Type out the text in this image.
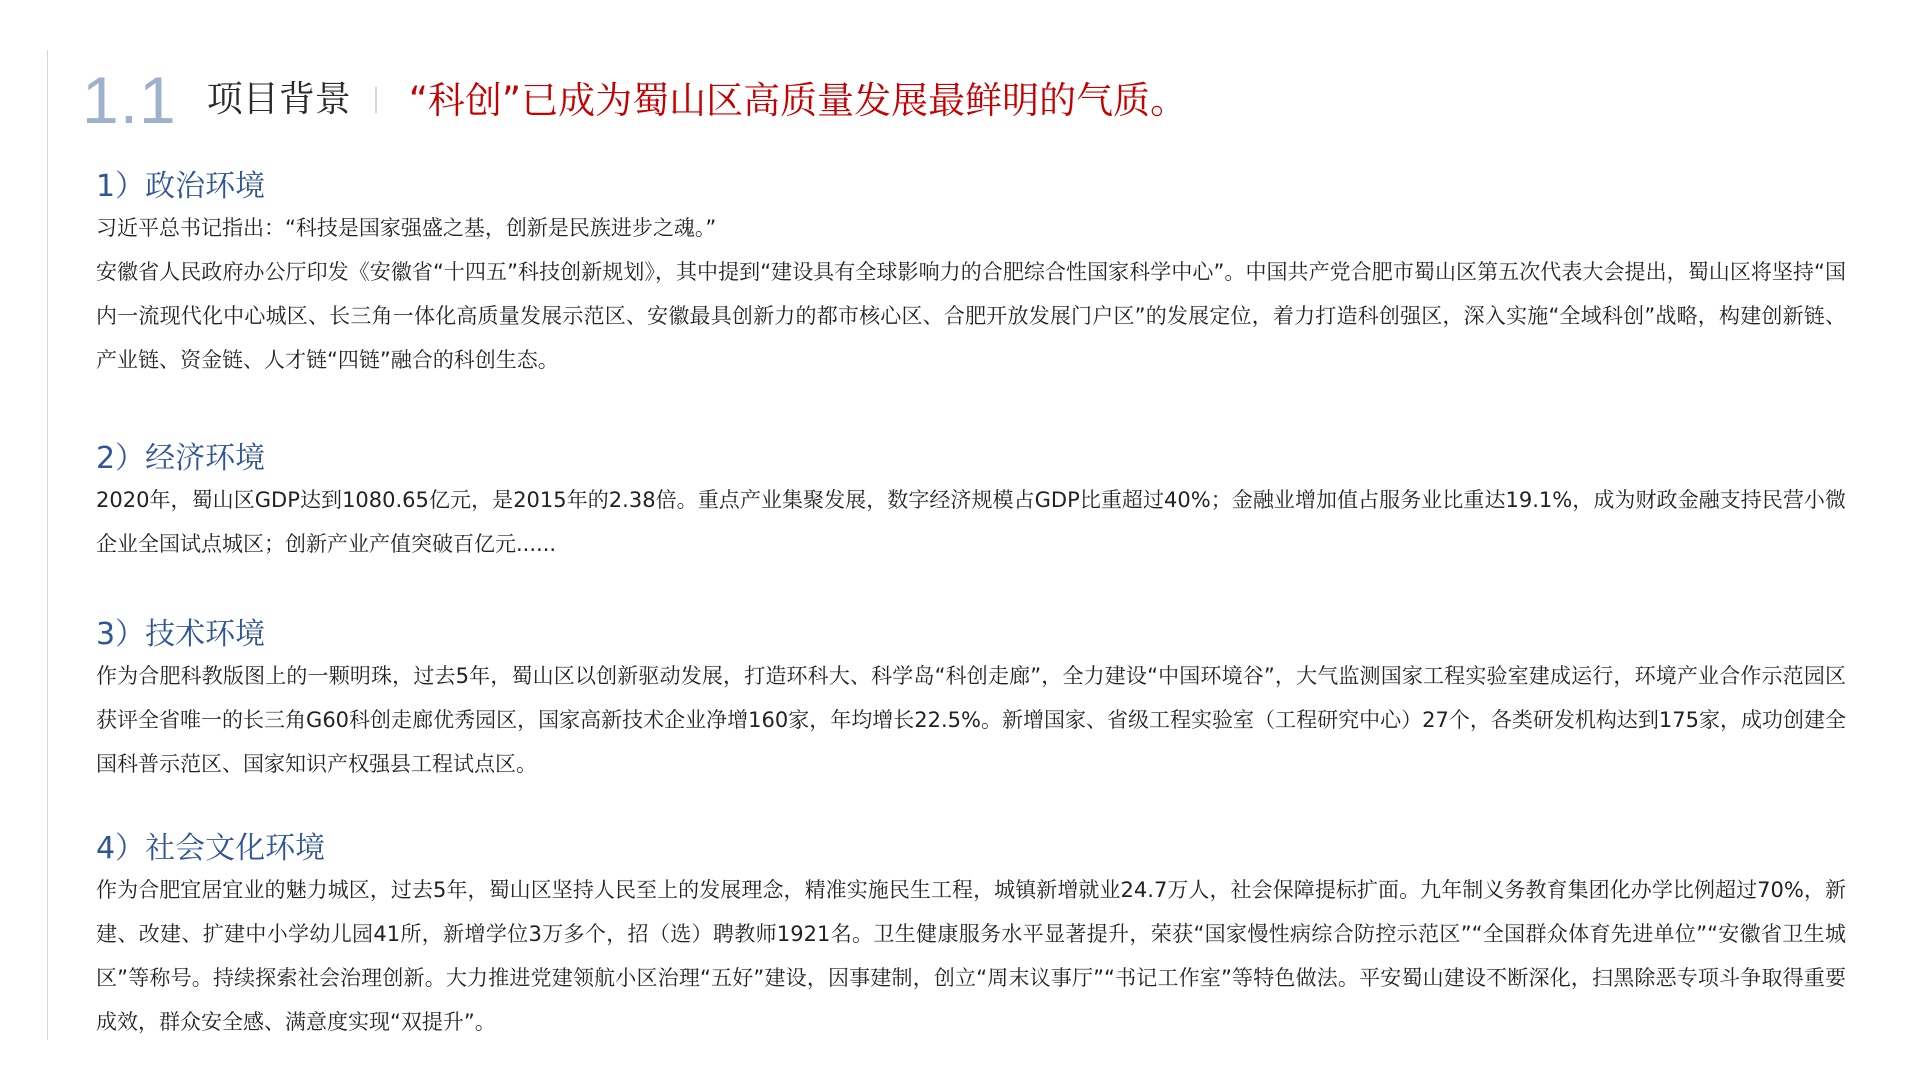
1.1 项目背景 “科创”已成为蜀山区高质量发展最鲜明的气质。
1）政治环境

习近平总书记指出：“科技是国家强盛之基，创新是民族进步之魂。”

安徽省人民政府办公厅印发《安徽省“十四五”科技创新规划》，其中提到“建设具有全球影响力的合肥综合性国家科学中心”。中国共产党合肥市蜀山区第五次代表大会提出，蜀山区将坚持“国内一流现代化中心城区、长三角一体化高质量发展示范区、安徽最具创新力的都市核心区、合肥开放发展门户区”的发展定位，着力打造科创强区，深入实施“全域科创”战略，构建创新链、产业链、资金链、人才链“四链”融合的科创生态。

2）经济环境

2020年，蜀山区GDP达到1080.65亿元，是2015年的2.38倍。重点产业集聚发展，数字经济规模占GDP比重超过40%；金融业增加值占服务业比重达19.1%，成为财政金融支持民营小微企业全国试点城区；创新产业产值突破百亿元......

3）技术环境

作为合肥科教版图上的一颗明珠，过去5年，蜀山区以创新驱动发展，打造环科大、科学岛“科创走廊”，全力建设“中国环境谷”，大气监测国家工程实验室建成运行，环境产业合作示范园区获评全省唯一的长三角G60科创走廊优秀园区，国家高新技术企业净增160家，年均增长22.5%。新增国家、省级工程实验室（工程研究中心）27个，各类研发机构达到175家，成功创建全国科普示范区、国家知识产权强县工程试点区。

4）社会文化环境

作为合肥宜居宜业的魅力城区，过去5年，蜀山区坚持人民至上的发展理念，精准实施民生工程，城镇新增就业24.7万人，社会保障提标扩面。九年制义务教育集团化办学比例超过70%，新建、改建、扩建中小学幼儿园41所，新增学位3万多个，招（选）聘教师1921名。卫生健康服务水平显著提升，荣获“国家慢性病综合防控示范区”“全国群众体育先进单位”“安徽省卫生城区”等称号。持续探索社会治理创新。大力推进党建领航小区治理“五好”建设，因事建制，创立“周末议事厅”“书记工作室”等特色做法。平安蜀山建设不断深化，扫黑除恶专项斗争取得重要成效，群众安全感、满意度实现“双提升”。
